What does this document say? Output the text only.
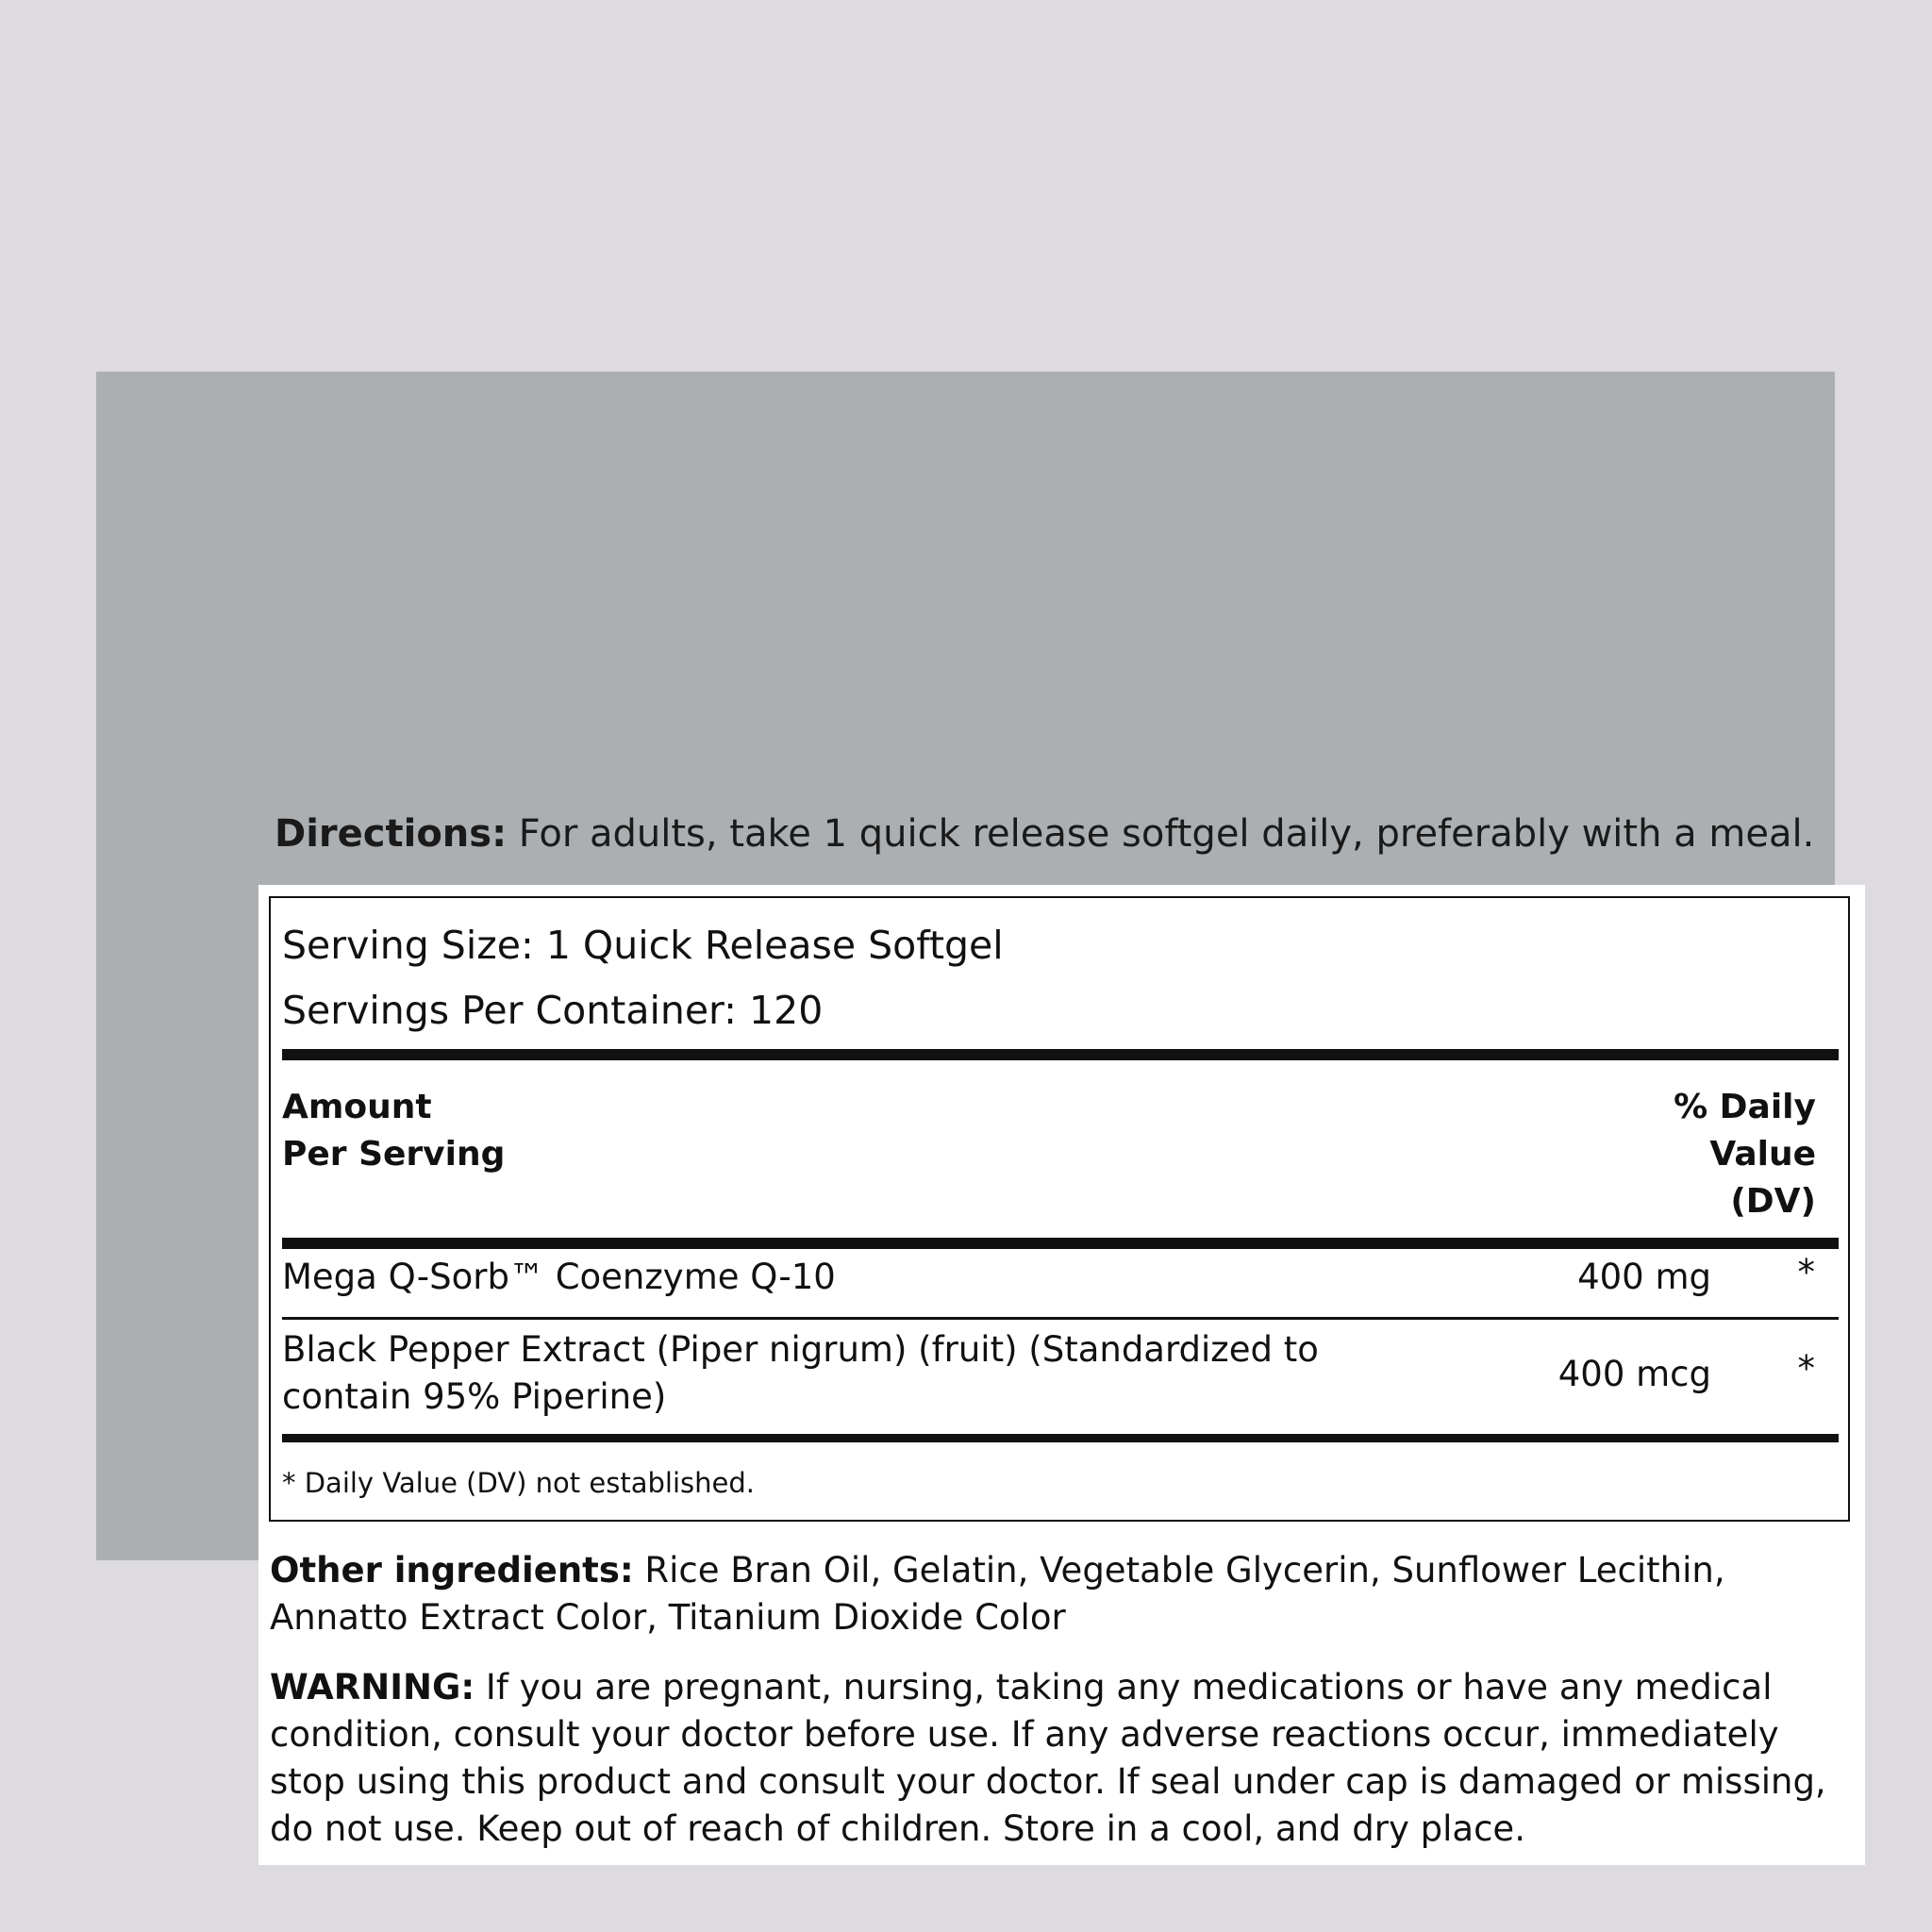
Directions: For adults, take 1 quick release softgel daily, preferably with a meal.
Serving Size: 1 Quick Release Softgel
Servings Per Container: 120
Amount
Per Serving
% Daily
Value
(DV)
Mega Q-Sorb™ Coenzyme Q-10	400 mg *
Black Pepper Extract (Piper nigrum) (fruit) (Standardized to contain 95% Piperine)
400 mcg *
* Daily Value (DV) not established.
Other ingredients: Rice Bran Oil, Gelatin, Vegetable Glycerin, Sunflower Lecithin, Annatto Extract Color, Titanium Dioxide Color
WARNING: If you are pregnant, nursing, taking any medications or have any medical condition, consult your doctor before use. If any adverse reactions occur, immediately stop using this product and consult your doctor. If seal under cap is damaged or missing, do not use. Keep out of reach of children. Store in a cool, and dry place.
